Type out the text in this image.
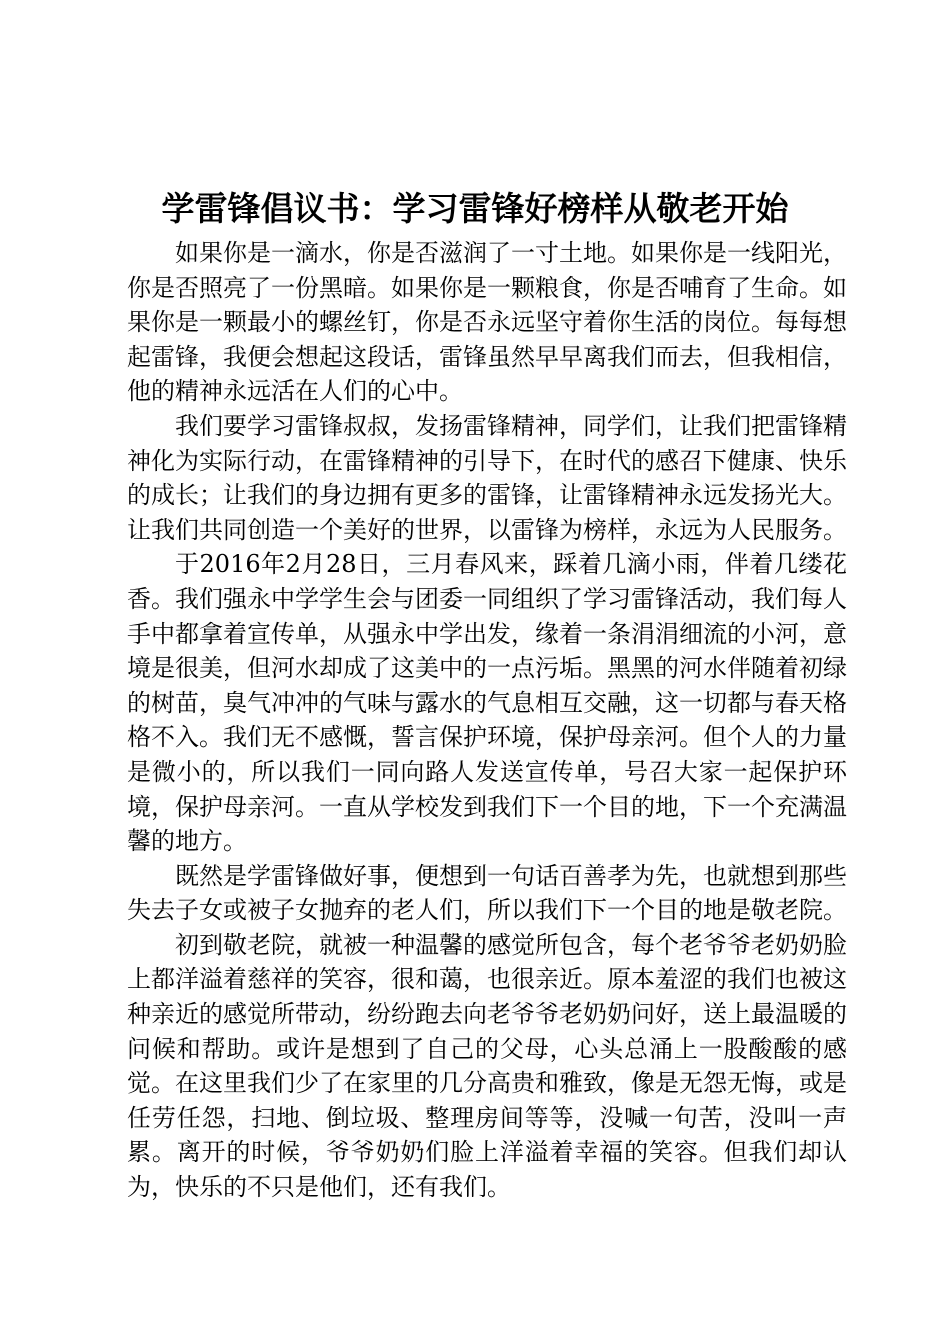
学雷锋倡议书：学习雷锋好榜样从敬老开始

如果你是一滴水，你是否滋润了一寸土地。如果你是一线阳光，你是否照亮了一份黑暗。如果你是一颗粮食，你是否哺育了生命。如果你是一颗最小的螺丝钉，你是否永远坚守着你生活的岗位。每每想起雷锋，我便会想起这段话，雷锋虽然早早离我们而去，但我相信，他的精神永远活在人们的心中。

我们要学习雷锋叔叔，发扬雷锋精神，同学们，让我们把雷锋精神化为实际行动，在雷锋精神的引导下，在时代的感召下健康、快乐的成长；让我们的身边拥有更多的雷锋，让雷锋精神永远发扬光大。让我们共同创造一个美好的世界，以雷锋为榜样，永远为人民服务。

于2016年2月28日，三月春风来，踩着几滴小雨，伴着几缕花香。我们强永中学学生会与团委一同组织了学习雷锋活动，我们每人手中都拿着宣传单，从强永中学出发，缘着一条涓涓细流的小河，意境是很美，但河水却成了这美中的一点污垢。黑黑的河水伴随着初绿的树苗，臭气冲冲的气味与露水的气息相互交融，这一切都与春天格格不入。我们无不感慨，誓言保护环境，保护母亲河。但个人的力量是微小的，所以我们一同向路人发送宣传单，号召大家一起保护环境，保护母亲河。一直从学校发到我们下一个目的地，下一个充满温馨的地方。

既然是学雷锋做好事，便想到一句话百善孝为先，也就想到那些失去子女或被子女抛弃的老人们，所以我们下一个目的地是敬老院。

初到敬老院，就被一种温馨的感觉所包含，每个老爷爷老奶奶脸上都洋溢着慈祥的笑容，很和蔼，也很亲近。原本羞涩的我们也被这种亲近的感觉所带动，纷纷跑去向老爷爷老奶奶问好，送上最温暖的问候和帮助。或许是想到了自己的父母，心头总涌上一股酸酸的感觉。在这里我们少了在家里的几分高贵和雅致，像是无怨无悔，或是任劳任怨，扫地、倒垃圾、整理房间等等，没喊一句苦，没叫一声累。离开的时候，爷爷奶奶们脸上洋溢着幸福的笑容。但我们却认为，快乐的不只是他们，还有我们。
